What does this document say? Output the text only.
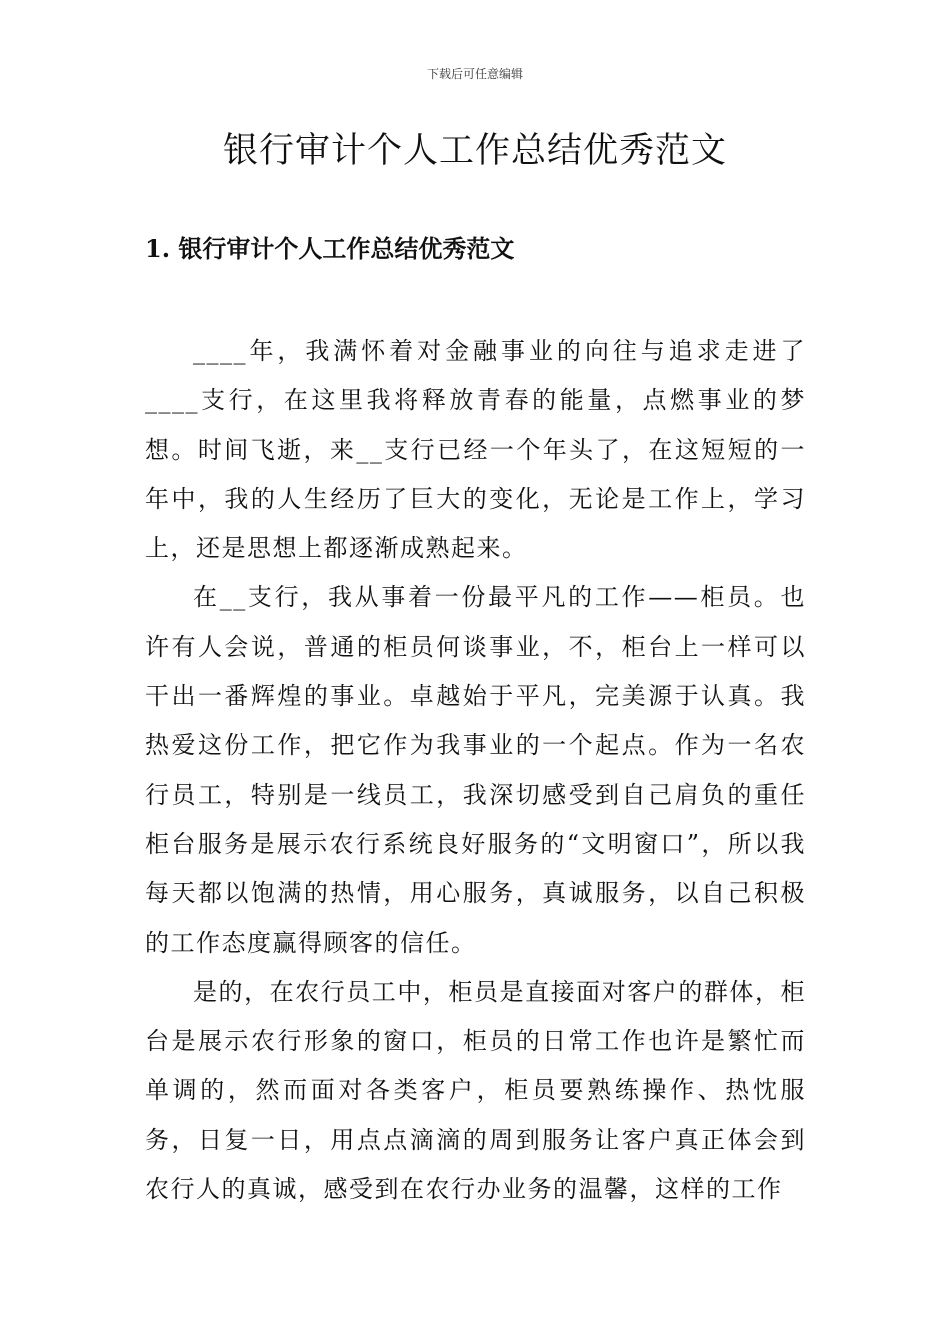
下载后可任意编辑
银行审计个人工作总结优秀范文
1. 银行审计个人工作总结优秀范文

____年，我满怀着对金融事业的向往与追求走进了____支行，在这里我将释放青春的能量，点燃事业的梦想。时间飞逝，来__支行已经一个年头了，在这短短的一年中，我的人生经历了巨大的变化，无论是工作上，学习上，还是思想上都逐渐成熟起来。

在__支行，我从事着一份最平凡的工作——柜员。也许有人会说，普通的柜员何谈事业，不，柜台上一样可以干出一番辉煌的事业。卓越始于平凡，完美源于认真。我热爱这份工作，把它作为我事业的一个起点。作为一名农行员工，特别是一线员工，我深切感受到自己肩负的重任柜台服务是展示农行系统良好服务的“文明窗口”，所以我每天都以饱满的热情，用心服务，真诚服务，以自己积极的工作态度赢得顾客的信任。

是的，在农行员工中，柜员是直接面对客户的群体，柜台是展示农行形象的窗口，柜员的日常工作也许是繁忙而单调的，然而面对各类客户，柜员要熟练操作、热忱服务，日复一日，用点点滴滴的周到服务让客户真正体会到农行人的真诚，感受到在农行办业务的温馨，这样的工作
